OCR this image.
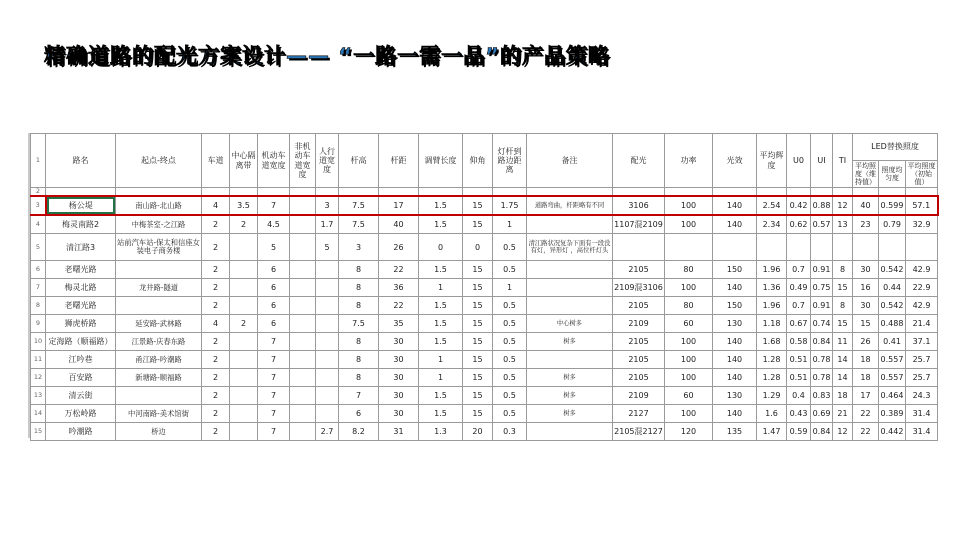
精确道路的配光方案设计—— “一路一需一品”的产品策略
1	路名	起点-终点	车道	中心隔离带	机动车道宽度	非机动车道宽度	人行道宽度	杆高	杆距	调臂长度	仰角	灯杆到路边距离	备注	配光	功率	光效	平均辉度	U0	UI	TI	LED替换照度		
																					平均照度（维持值）	照度均匀度	平均照度（初始值）
2																							
3	杨公堤	南山路-北山路	4	3.5	7		3	7.5	17	1.5	15	1.75	道路弯曲，杆距略有不同	3106	100	140	2.54	0.42	0.88	12	40	0.599	57.1
4	梅灵南路2	中梅茶室-之江路	2	2	4.5		1.7	7.5	40	1.5	15	1		1107混2109	100	140	2.34	0.62	0.57	13	23	0.79	32.9
5	清江路3	站前汽车站-保太和信座女装电子商务楼	2		5		5	3	26	0	0	0.5	清江路状况复杂下面有一段没有灯，异形灯 ，高位杆灯头										
6	老曙光路		2		6			8	22	1.5	15	0.5		2105	80	150	1.96	0.7	0.91	8	30	0.542	42.9
7	梅灵北路	龙井路-隧道	2		6			8	36	1	15	1		2109混3106	100	140	1.36	0.49	0.75	15	16	0.44	22.9
8	老曙光路		2		6			8	22	1.5	15	0.5		2105	80	150	1.96	0.7	0.91	8	30	0.542	42.9
9	狮虎桥路	延安路-武林路	4	2	6			7.5	35	1.5	15	0.5	中心树多	2109	60	130	1.18	0.67	0.74	15	15	0.488	21.4
10	定海路（顺福路）	江景路-庆春东路	2		7			8	30	1.5	15	0.5	树多	2105	100	140	1.68	0.58	0.84	11	26	0.41	37.1
11	江吟巷	甬江路-吟潮路	2		7			8	30	1	15	0.5		2105	100	140	1.28	0.51	0.78	14	18	0.557	25.7
12	百安路	新塘路-顺福路	2		7			8	30	1	15	0.5	树多	2105	100	140	1.28	0.51	0.78	14	18	0.557	25.7
13	清云街		2		7			7	30	1.5	15	0.5	树多	2109	60	130	1.29	0.4	0.83	18	17	0.464	24.3
14	万松岭路	中河南路-美术馆街	2		7			6	30	1.5	15	0.5	树多	2127	100	140	1.6	0.43	0.69	21	22	0.389	31.4
15	吟潮路	桥边	2		7		2.7	8.2	31	1.3	20	0.3		2105混2127	120	135	1.47	0.59	0.84	12	22	0.442	31.4
